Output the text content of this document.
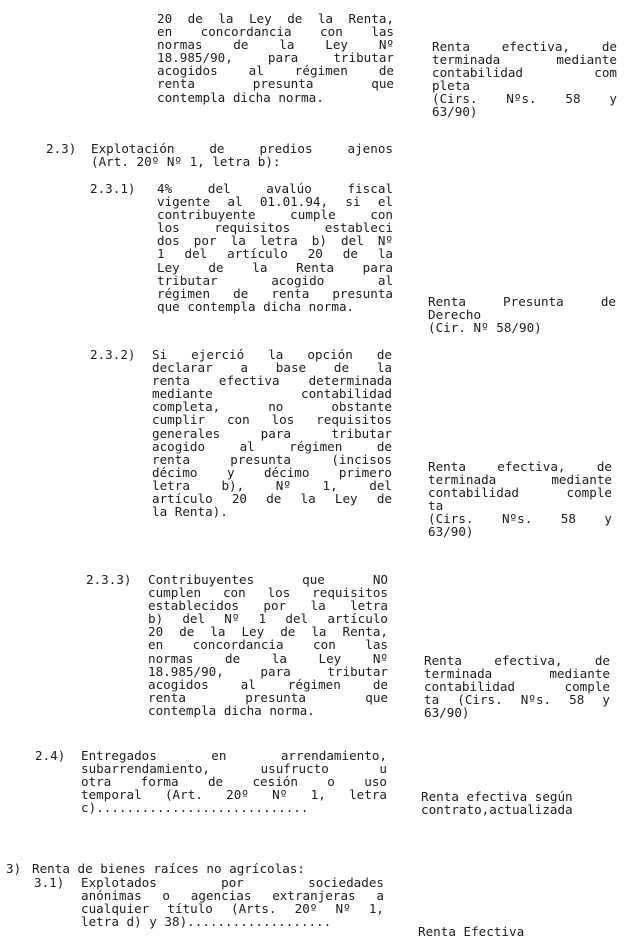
20 de la Ley de la Renta,
en concordancia con las
normas de la Ley Nº
18.985/90, para tributar
acogidos al régimen de
renta presunta que
contempla dicha norma.
2.3) Explotación de predios ajenos
(Art. 20º Nº 1, letra b):
2.3.1) 4% del avalúo fiscal
vigente al 01.01.94, si el
contribuyente cumple con
los requisitos estableci
dos por la letra b) del Nº
1 del artículo 20 de la
Ley de la Renta para
tributar acogido al
régimen de renta presunta
que contempla dicha norma.
2.3.2) Si ejerció la opción de
declarar a base de la
renta efectiva determinada
mediante contabilidad
completa, no obstante
cumplir con los requisitos
generales para tributar
acogido al régimen de
renta presunta (incisos
décimo y décimo primero
letra b), Nº 1, del
artículo 20 de la Ley de
la Renta).
2.3.3) Contribuyentes que NO
cumplen con los requisitos
establecidos por la letra
b) del Nº 1 del artículo
20 de la Ley de la Renta,
en concordancia con las
normas de la Ley Nº
18.985/90, para tributar
acogidos al régimen de
renta presunta que
contempla dicha norma.
2.4) Entregados en arrendamiento,
subarrendamiento, usufructo u
otra forma de cesión o uso
temporal (Art. 20º Nº 1, letra
c)............................
3) Renta de bienes raíces no agrícolas:
3.1) Explotados por sociedades
anónimas o agencias extranjeras a
cualquier título (Arts. 20º Nº 1,
letra d) y 38)...................
Renta efectiva, de
terminada mediante
contabilidad com
pleta
(Cirs. Nºs. 58 y
63/90)
Renta Presunta de
Derecho
(Cir. Nº 58/90)
Renta efectiva, de
terminada mediante
contabilidad comple
ta
(Cirs. Nºs. 58 y
63/90)
Renta efectiva, de
terminada mediante
contabilidad comple
ta (Cirs. Nºs. 58 y
63/90)
Renta efectiva según
contrato,actualizada
Renta Efectiva
